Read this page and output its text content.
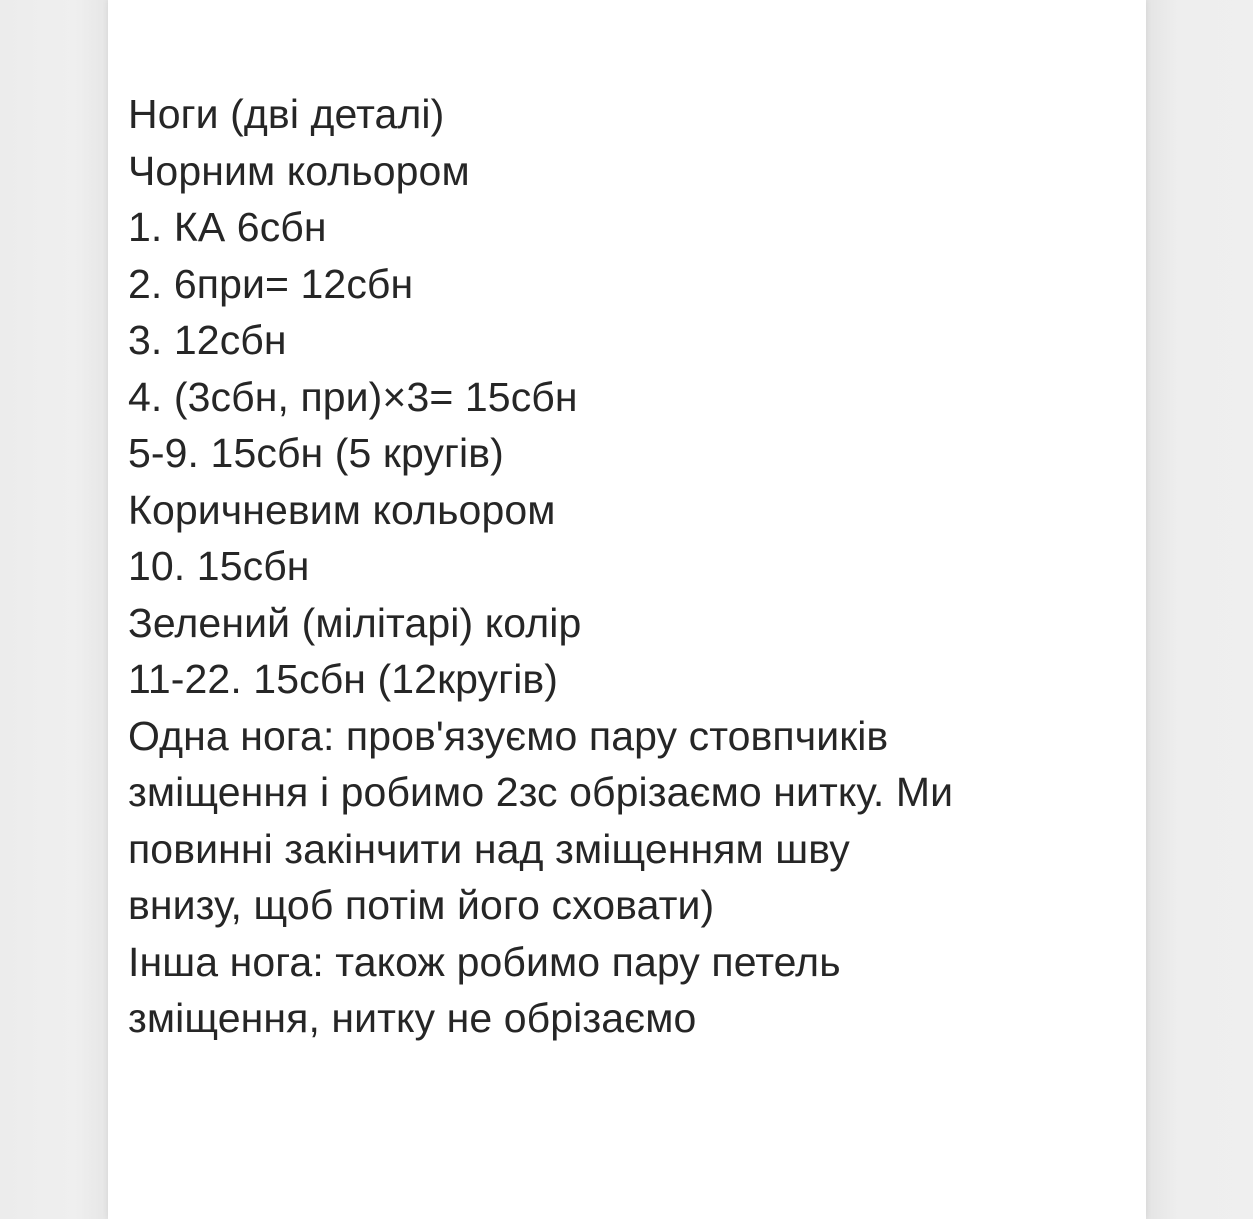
Ноги (дві деталі)
Чорним кольором
1. КА 6сбн
2. 6при= 12сбн
3. 12сбн
4. (3сбн, при)×3= 15сбн
5-9. 15сбн (5 кругів)
Коричневим кольором
10. 15сбн
Зелений (мілітарі) колір
11-22. 15сбн (12кругів)
Одна нога: пров'язуємо пару стовпчиків
зміщення і робимо 2зс обрізаємо нитку. Ми
повинні закінчити над зміщенням шву
внизу, щоб потім його сховати)
Інша нога: також робимо пару петель
зміщення, нитку не обрізаємо
